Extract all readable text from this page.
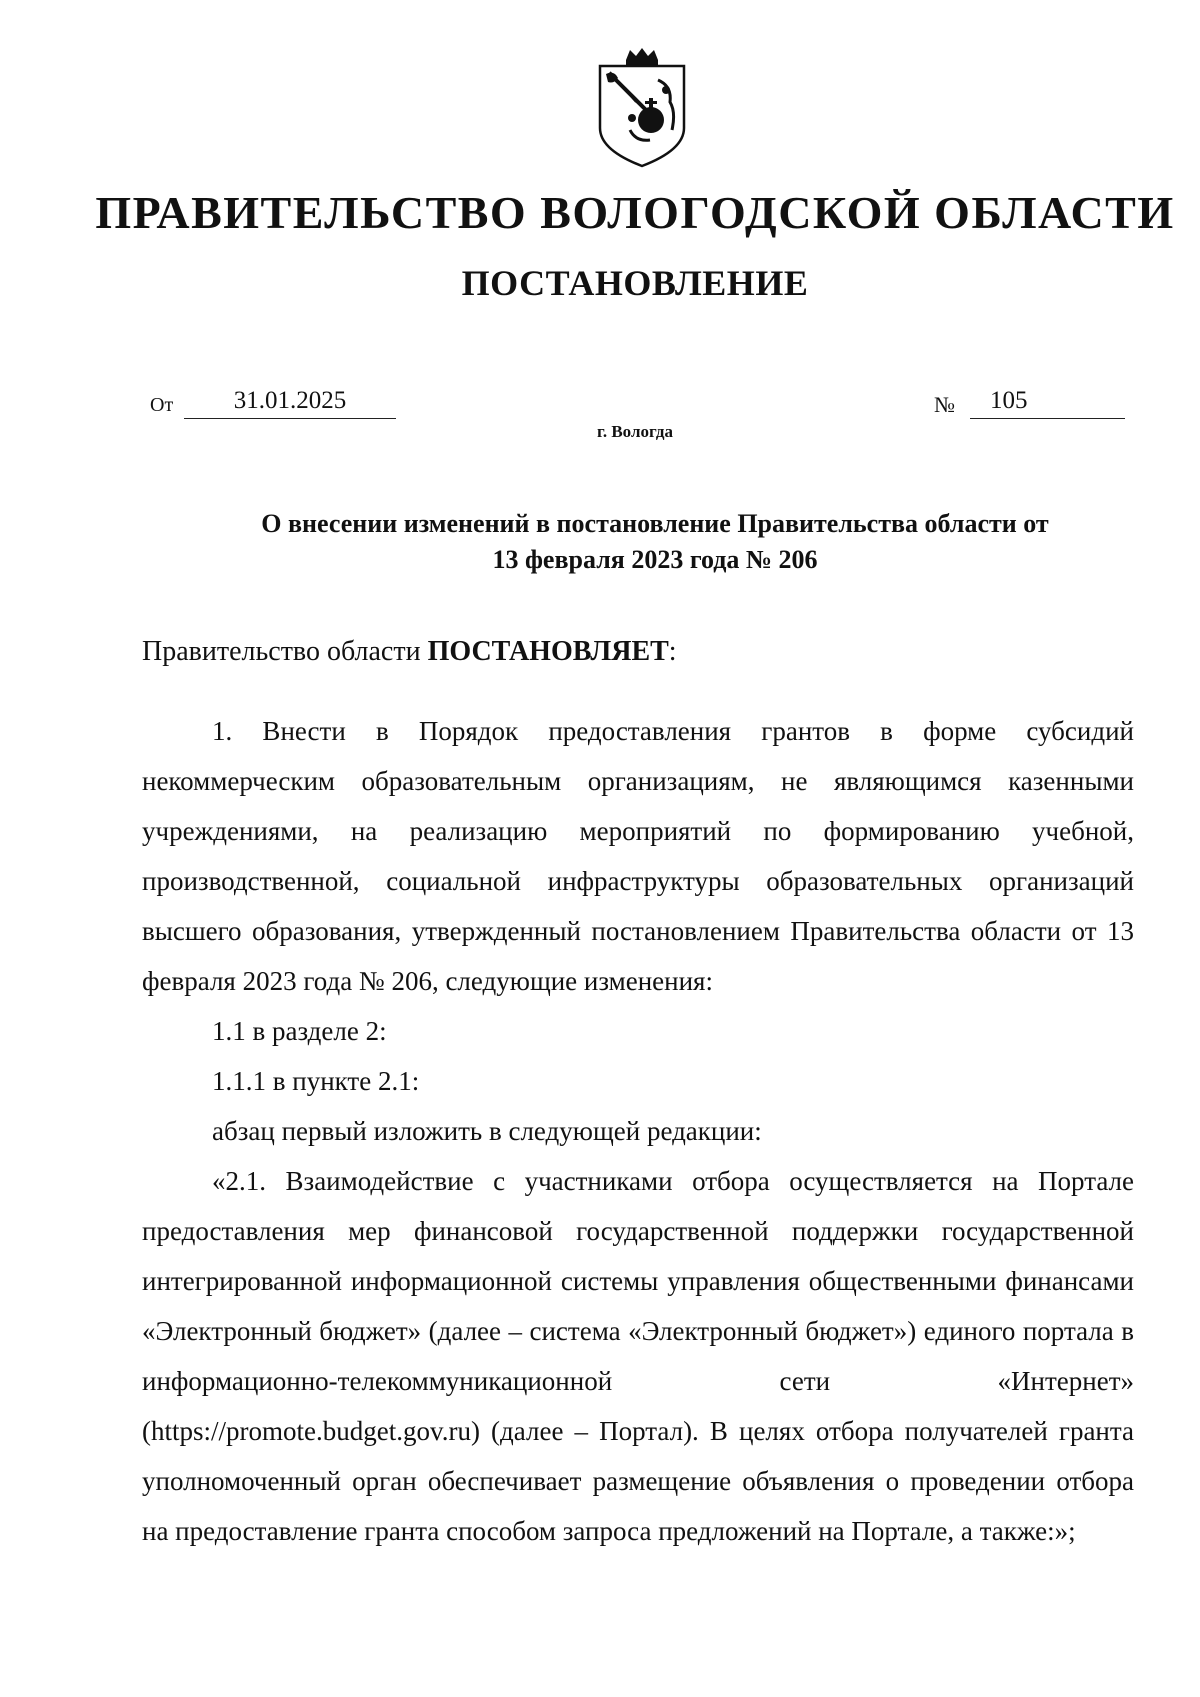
ПРАВИТЕЛЬСТВО ВОЛОГОДСКОЙ ОБЛАСТИ
ПОСТАНОВЛЕНИЕ
От	31.01.2025	№	105
г. Вологда
О внесении изменений в постановление Правительства области от
13 февраля 2023 года № 206
Правительство области ПОСТАНОВЛЯЕТ:

1. Внести в Порядок предоставления грантов в форме субсидий некоммерческим образовательным организациям, не являющимся казенными учреждениями, на реализацию мероприятий по формированию учебной, производственной, социальной инфраструктуры образовательных организаций высшего образования, утвержденный постановлением Правительства области от 13 февраля 2023 года № 206, следующие изменения:

1.1 в разделе 2:

1.1.1 в пункте 2.1:

абзац первый изложить в следующей редакции:

«2.1. Взаимодействие с участниками отбора осуществляется на Портале предоставления мер финансовой государственной поддержки государственной интегрированной информационной системы управления общественными финансами «Электронный бюджет» (далее – система «Электронный бюджет») единого портала в информационно-телекоммуникационной сети «Интернет» (https://promote.budget.gov.ru) (далее – Портал). В целях отбора получателей гранта уполномоченный орган обеспечивает размещение объявления о проведении отбора на предоставление гранта способом запроса предложений на Портале, а также:»;
